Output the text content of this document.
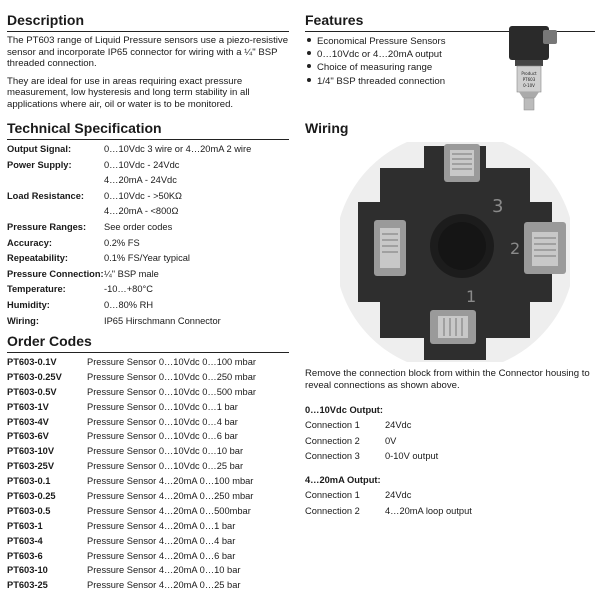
Description

The PT603 range of Liquid Pressure sensors use a piezo-resistive sensor and incorporate IP65 connector for wiring with a ¼" BSP threaded connection.

They are ideal for use in areas requiring exact pressure measurement, low hysteresis and long term stability in all applications where air, oil or water is to be monitored.

Technical Specification
Output Signal:	0…10Vdc 3 wire or 4…20mA 2 wire
Power Supply:	0…10Vdc - 24Vdc
4…20mA - 24Vdc
Load Resistance:	0…10Vdc - >50KΩ
4…20mA - <800Ω
Pressure Ranges:	See order codes
Accuracy:	0.2% FS
Repeatability:	0.1% FS/Year typical
Pressure Connection: ¼" BSP male
Temperature:	-10…+80°C
Humidity:	0…80% RH
Wiring:	IP65 Hirschmann Connector
Order Codes
PT603-0.1V	Pressure Sensor 0…10Vdc 0…100 mbar
PT603-0.25V	Pressure Sensor 0…10Vdc 0…250 mbar
PT603-0.5V	Pressure Sensor 0…10Vdc 0…500 mbar
PT603-1V	Pressure Sensor 0…10Vdc 0…1 bar
PT603-4V	Pressure Sensor 0…10Vdc 0…4 bar
PT603-6V	Pressure Sensor 0…10Vdc 0…6 bar
PT603-10V	Pressure Sensor 0…10Vdc 0…10 bar
PT603-25V	Pressure Sensor 0…10Vdc 0…25 bar
PT603-0.1	Pressure Sensor 4…20mA 0…100 mbar
PT603-0.25	Pressure Sensor 4…20mA 0…250 mbar
PT603-0.5	Pressure Sensor 4…20mA 0…500mbar
PT603-1	Pressure Sensor 4…20mA 0…1 bar
PT603-4	Pressure Sensor 4…20mA 0…4 bar
PT603-6	Pressure Sensor 4…20mA 0…6 bar
PT603-10	Pressure Sensor 4…20mA 0…10 bar
PT603-25	Pressure Sensor 4…20mA 0…25 bar
Features
Economical Pressure Sensors
0…10Vdc or 4…20mA output
Choice of measuring range
1/4" BSP threaded connection
Product
PT603
0-10V
Wiring
3
2
1

Remove the connection block from within the Connector housing to reveal connections as shown above.

0…10Vdc Output:
Connection 1	24Vdc
Connection 2	0V
Connection 3	0-10V output
4…20mA Output:
Connection 1	24Vdc
Connection 2	4…20mA loop output
